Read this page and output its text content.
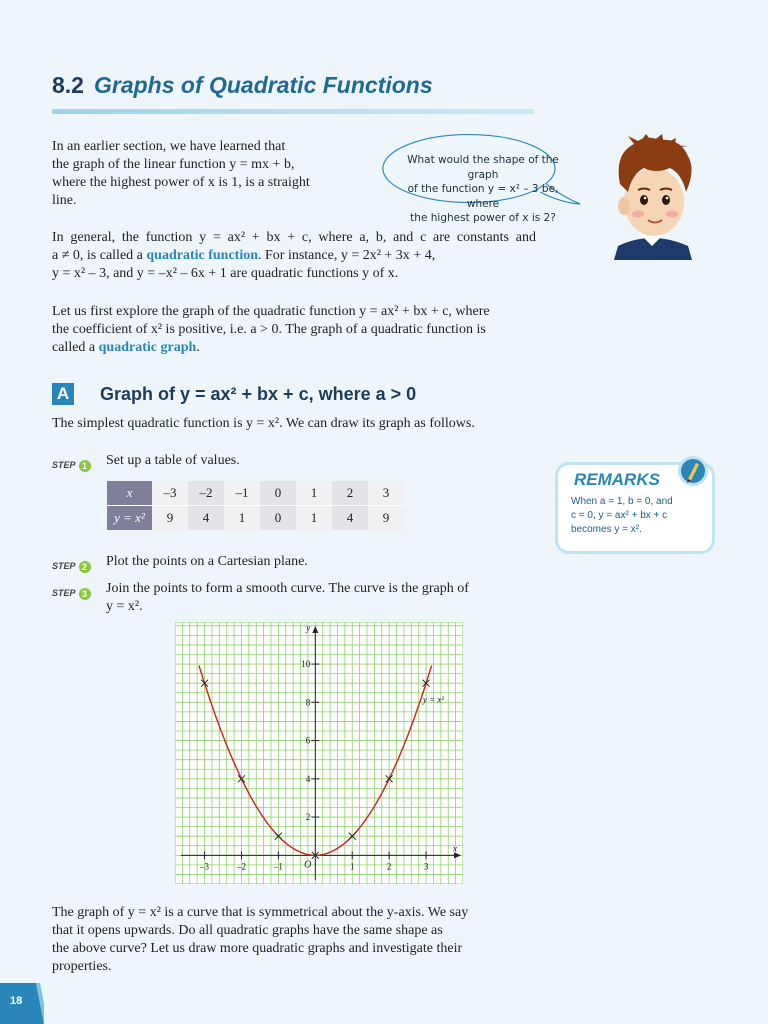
8.2 Graphs of Quadratic Functions
In an earlier section, we have learned that
the graph of the linear function y = mx + b,
where the highest power of x is 1, is a straight
line.
What would the shape of the graph
of the function y = x² – 3 be, where
the highest power of x is 2?
In general, the function y = ax² + bx + c, where a, b, and c are constants and
a ≠ 0, is called a quadratic function. For instance, y = 2x² + 3x + 4,
y = x² – 3, and y = –x² – 6x + 1 are quadratic functions y of x.
Let us first explore the graph of the quadratic function y = ax² + bx + c, where
the coefficient of x² is positive, i.e. a > 0. The graph of a quadratic function is
called a quadratic graph.
A Graph of y = ax² + bx + c, where a > 0
The simplest quadratic function is y = x². We can draw its graph as follows.
STEP 1 Set up a table of values.
x	–3	–2	–1	0	1	2	3
y = x²	9	4	1	0	1	4	9
REMARKS
When a = 1, b = 0, and
c = 0, y = ax² + bx + c
becomes y = x².
STEP 2 Plot the points on a Cartesian plane.
STEP 3 Join the points to form a smooth curve. The curve is the graph of
y = x².
–3	–2	–1	1	2	3
2
4
6
8
10
x
y
O
y = x²
The graph of y = x² is a curve that is symmetrical about the y-axis. We say
that it opens upwards. Do all quadratic graphs have the same shape as
the above curve? Let us draw more quadratic graphs and investigate their
properties.
18
